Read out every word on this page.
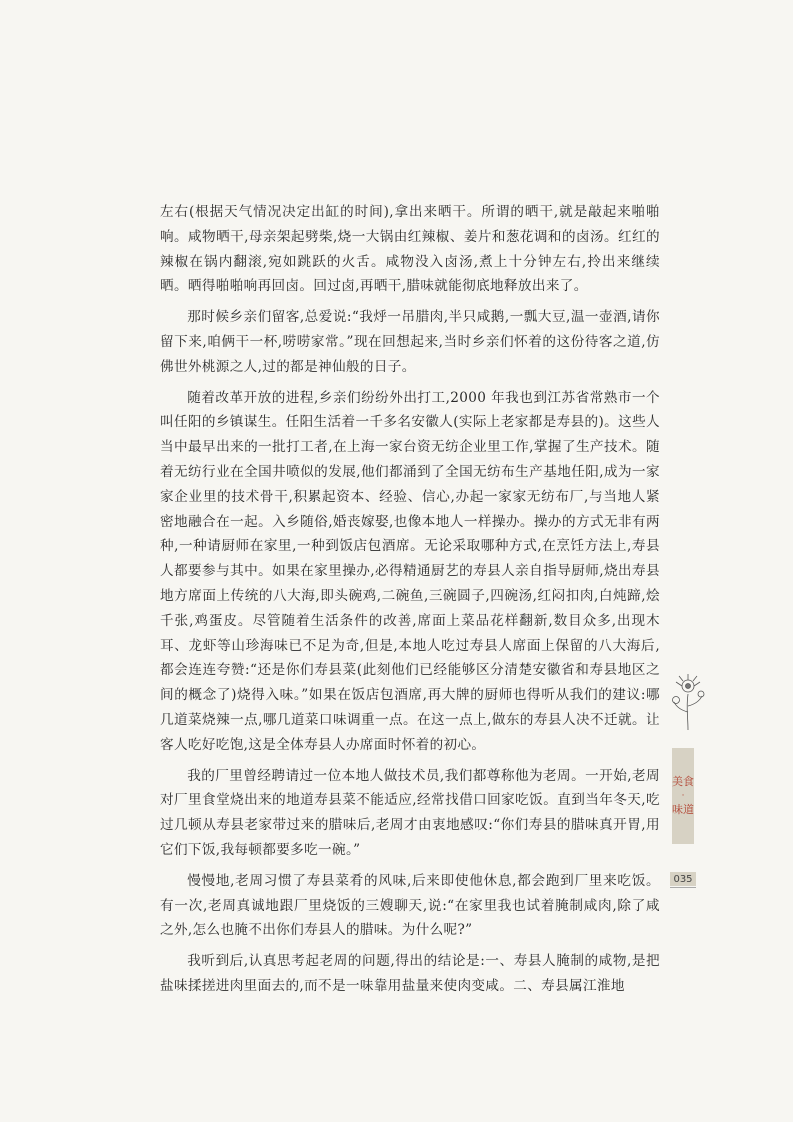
左右(根据天气情况决定出缸的时间),拿出来晒干。所谓的晒干,就是敲起来啪啪响。咸物晒干,母亲架起劈柴,烧一大锅由红辣椒、姜片和葱花调和的卤汤。红红的辣椒在锅内翻滚,宛如跳跃的火舌。咸物没入卤汤,煮上十分钟左右,拎出来继续晒。晒得啪啪响再回卤。回过卤,再晒干,腊味就能彻底地释放出来了。

那时候乡亲们留客,总爱说:“我烀一吊腊肉,半只咸鹅,一瓢大豆,温一壶酒,请你留下来,咱俩干一杯,唠唠家常。”现在回想起来,当时乡亲们怀着的这份待客之道,仿佛世外桃源之人,过的都是神仙般的日子。

随着改革开放的进程,乡亲们纷纷外出打工,2000 年我也到江苏省常熟市一个叫任阳的乡镇谋生。任阳生活着一千多名安徽人(实际上老家都是寿县的)。这些人当中最早出来的一批打工者,在上海一家台资无纺企业里工作,掌握了生产技术。随着无纺行业在全国井喷似的发展,他们都涌到了全国无纺布生产基地任阳,成为一家家企业里的技术骨干,积累起资本、经验、信心,办起一家家无纺布厂,与当地人紧密地融合在一起。入乡随俗,婚丧嫁娶,也像本地人一样操办。操办的方式无非有两种,一种请厨师在家里,一种到饭店包酒席。无论采取哪种方式,在烹饪方法上,寿县人都要参与其中。如果在家里操办,必得精通厨艺的寿县人亲自指导厨师,烧出寿县地方席面上传统的八大海,即头碗鸡,二碗鱼,三碗圆子,四碗汤,红闷扣肉,白炖蹄,烩千张,鸡蛋皮。尽管随着生活条件的改善,席面上菜品花样翻新,数目众多,出现木耳、龙虾等山珍海味已不足为奇,但是,本地人吃过寿县人席面上保留的八大海后,都会连连夸赞:“还是你们寿县菜(此刻他们已经能够区分清楚安徽省和寿县地区之间的概念了)烧得入味。”如果在饭店包酒席,再大牌的厨师也得听从我们的建议:哪几道菜烧辣一点,哪几道菜口味调重一点。在这一点上,做东的寿县人决不迁就。让客人吃好吃饱,这是全体寿县人办席面时怀着的初心。

我的厂里曾经聘请过一位本地人做技术员,我们都尊称他为老周。一开始,老周对厂里食堂烧出来的地道寿县菜不能适应,经常找借口回家吃饭。直到当年冬天,吃过几顿从寿县老家带过来的腊味后,老周才由衷地感叹:“你们寿县的腊味真开胃,用它们下饭,我每顿都要多吃一碗。”

慢慢地,老周习惯了寿县菜肴的风味,后来即使他休息,都会跑到厂里来吃饭。有一次,老周真诚地跟厂里烧饭的三嫂聊天,说:“在家里我也试着腌制咸肉,除了咸之外,怎么也腌不出你们寿县人的腊味。为什么呢?”

我听到后,认真思考起老周的问题,得出的结论是:一、寿县人腌制的咸物,是把盐味揉搓进肉里面去的,而不是一味靠用盐量来使肉变咸。二、寿县属江淮地

美食
·
味道
035
